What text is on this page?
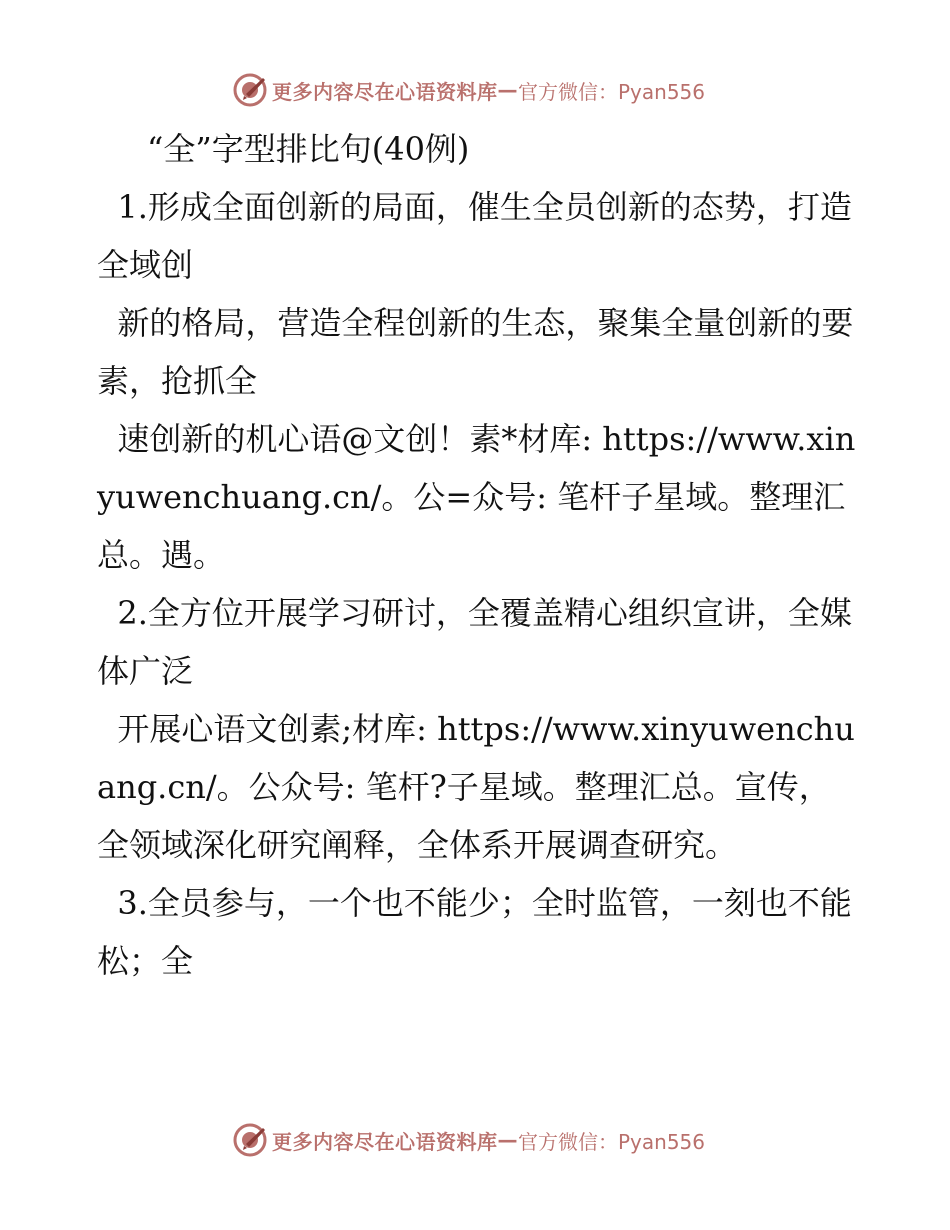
更多内容尽在心语资料库 — 官方微信：Pyan556

“全”字型排比句(40例)

1.形成全面创新的局面，催生全员创新的态势，打造全域创

新的格局，营造全程创新的生态，聚集全量创新的要素，抢抓全

速创新的机心语@文创！素*材库: https://www.xinyuwenchuang.cn/。公=众号: 笔杆子星域。整理汇总。遇。

2.全方位开展学习研讨，全覆盖精心组织宣讲，全媒体广泛

开展心语文创素;材库: https://www.xinyuwenchuang.cn/。公众号: 笔杆?子星域。整理汇总。宣传，全领域深化研究阐释，全体系开展调查研究。

3.全员参与，一个也不能少；全时监管，一刻也不能松；全

更多内容尽在心语资料库 — 官方微信：Pyan556
